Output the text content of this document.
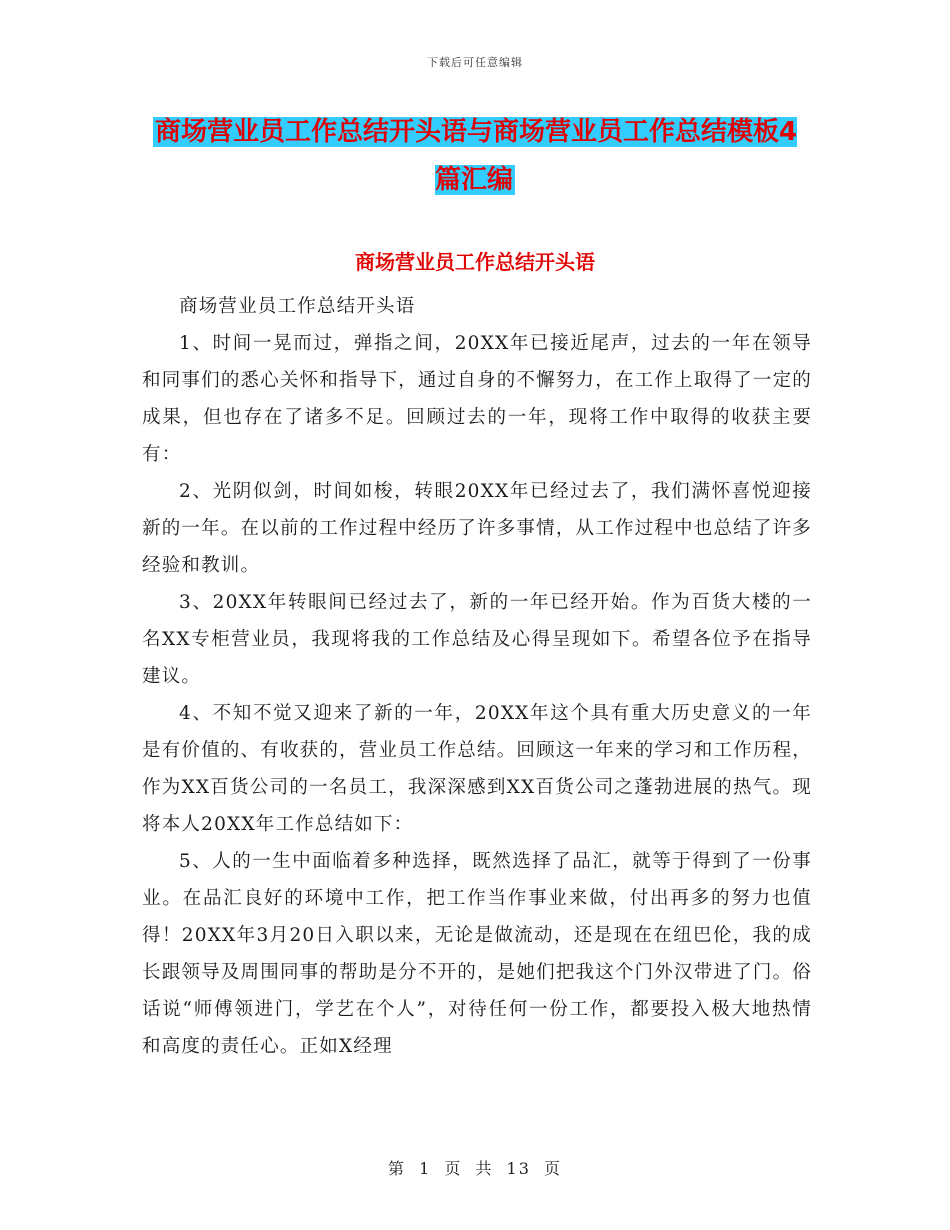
下载后可任意编辑
商场营业员工作总结开头语与商场营业员工作总结模板4篇汇编
商场营业员工作总结开头语

商场营业员工作总结开头语

1、时间一晃而过，弹指之间，20XX年已接近尾声，过去的一年在领导和同事们的悉心关怀和指导下，通过自身的不懈努力，在工作上取得了一定的成果，但也存在了诸多不足。回顾过去的一年，现将工作中取得的收获主要有：

2、光阴似剑，时间如梭，转眼20XX年已经过去了，我们满怀喜悦迎接新的一年。在以前的工作过程中经历了许多事情，从工作过程中也总结了许多经验和教训。

3、20XX年转眼间已经过去了，新的一年已经开始。作为百货大楼的一名XX专柜营业员，我现将我的工作总结及心得呈现如下。希望各位予在指导建议。

4、不知不觉又迎来了新的一年，20XX年这个具有重大历史意义的一年是有价值的、有收获的，营业员工作总结。回顾这一年来的学习和工作历程，作为XX百货公司的一名员工，我深深感到XX百货公司之蓬勃进展的热气。现将本人20XX年工作总结如下：

5、人的一生中面临着多种选择，既然选择了品汇，就等于得到了一份事业。在品汇良好的环境中工作，把工作当作事业来做，付出再多的努力也值得！20XX年3月20日入职以来，无论是做流动，还是现在在纽巴伦，我的成长跟领导及周围同事的帮助是分不开的，是她们把我这个门外汉带进了门。俗话说“师傅领进门，学艺在个人”，对待任何一份工作，都要投入极大地热情和高度的责任心。正如X经理

第 1 页 共 13 页
